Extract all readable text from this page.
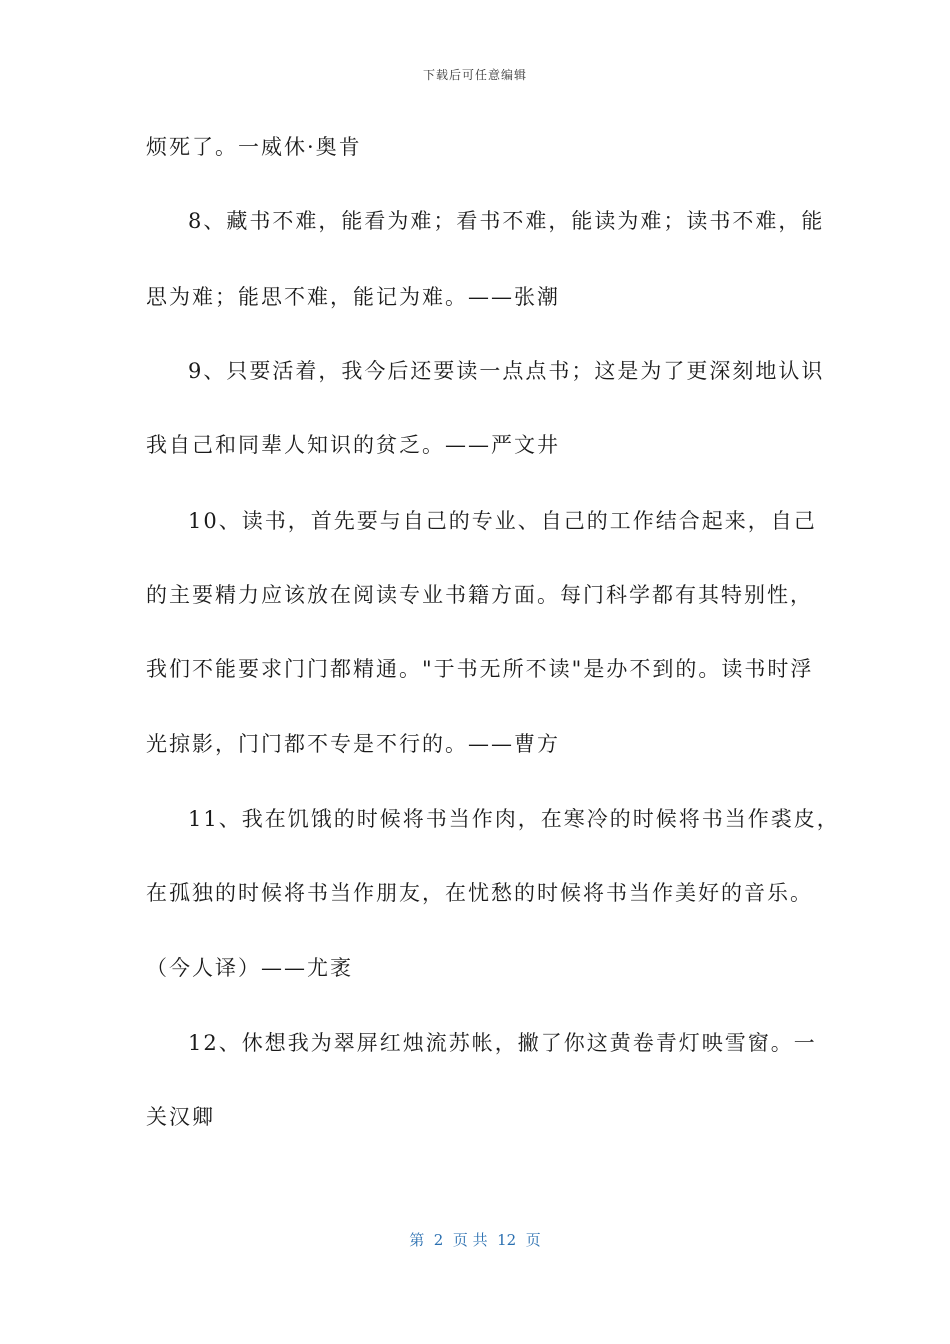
下载后可任意编辑
烦死了。一威休·奥肯
8、藏书不难，能看为难；看书不难，能读为难；读书不难，能
思为难；能思不难，能记为难。——张潮
9、只要活着，我今后还要读一点点书；这是为了更深刻地认识
我自己和同辈人知识的贫乏。——严文井
10、读书，首先要与自己的专业、自己的工作结合起来，自己
的主要精力应该放在阅读专业书籍方面。每门科学都有其特别性，
我们不能要求门门都精通。"于书无所不读"是办不到的。读书时浮
光掠影，门门都不专是不行的。——曹方
11、我在饥饿的时候将书当作肉，在寒冷的时候将书当作裘皮，
在孤独的时候将书当作朋友，在忧愁的时候将书当作美好的音乐。
（今人译）——尤袤
12、休想我为翠屏红烛流苏帐，撇了你这黄卷青灯映雪窗。一
关汉卿
第  2  页 共  12  页
